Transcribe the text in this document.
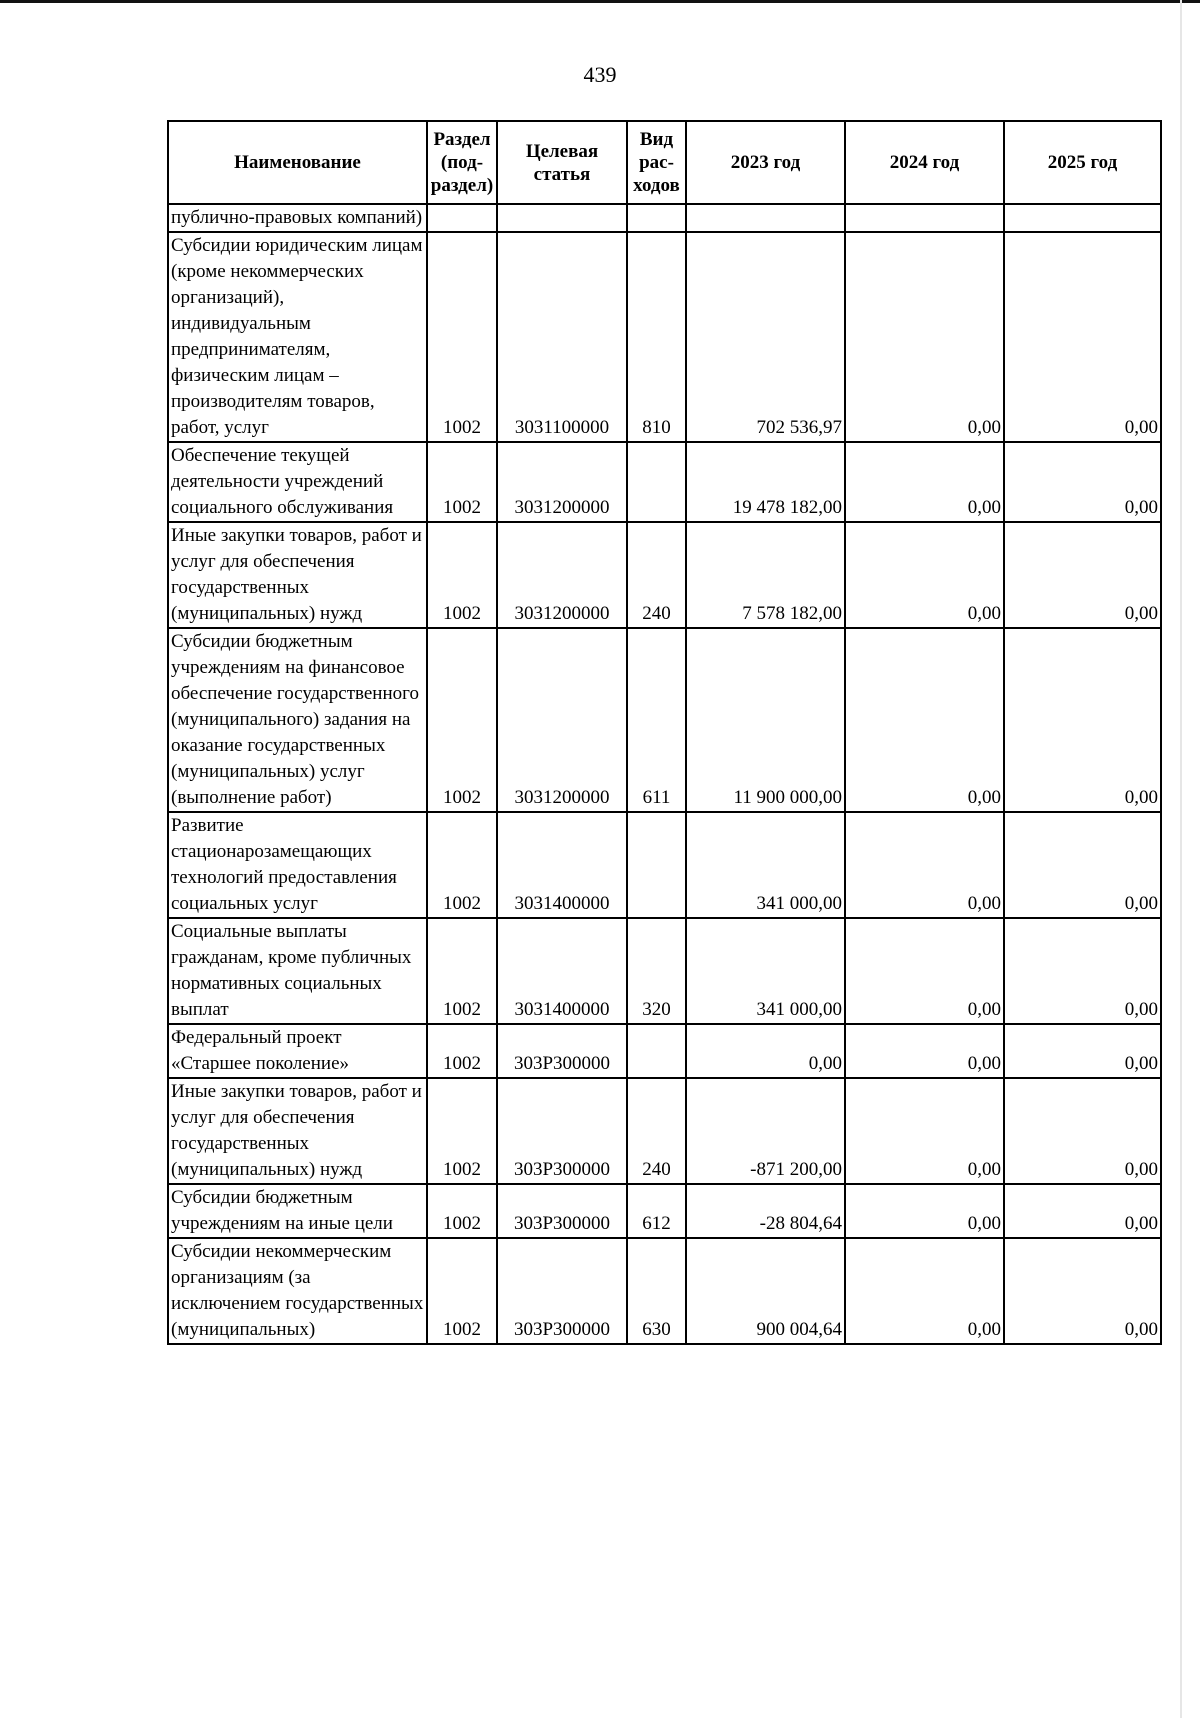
439
Наименование	Раздел (под-раздел)	Целевая статья	Вид рас-ходов	2023 год	2024 год	2025 год
публично-правовых компаний)						
Субсидии юридическим лицам (кроме некоммерческих организаций), индивидуальным предпринимателям, физическим лицам – производителям товаров, работ, услуг	1002	3031100000	810	702 536,97	0,00	0,00
Обеспечение текущей деятельности учреждений социального обслуживания	1002	3031200000		19 478 182,00	0,00	0,00
Иные закупки товаров, работ и услуг для обеспечения государственных (муниципальных) нужд	1002	3031200000	240	7 578 182,00	0,00	0,00
Субсидии бюджетным учреждениям на финансовое обеспечение государственного (муниципального) задания на оказание государственных (муниципальных) услуг (выполнение работ)	1002	3031200000	611	11 900 000,00	0,00	0,00
Развитие стационарозамещающих технологий предоставления социальных услуг	1002	3031400000		341 000,00	0,00	0,00
Социальные выплаты гражданам, кроме публичных нормативных социальных выплат	1002	3031400000	320	341 000,00	0,00	0,00
Федеральный проект «Старшее поколение»	1002	303P300000		0,00	0,00	0,00
Иные закупки товаров, работ и услуг для обеспечения государственных (муниципальных) нужд	1002	303P300000	240	-871 200,00	0,00	0,00
Субсидии бюджетным учреждениям на иные цели	1002	303P300000	612	-28 804,64	0,00	0,00
Субсидии некоммерческим организациям (за исключением государственных (муниципальных)	1002	303P300000	630	900 004,64	0,00	0,00
